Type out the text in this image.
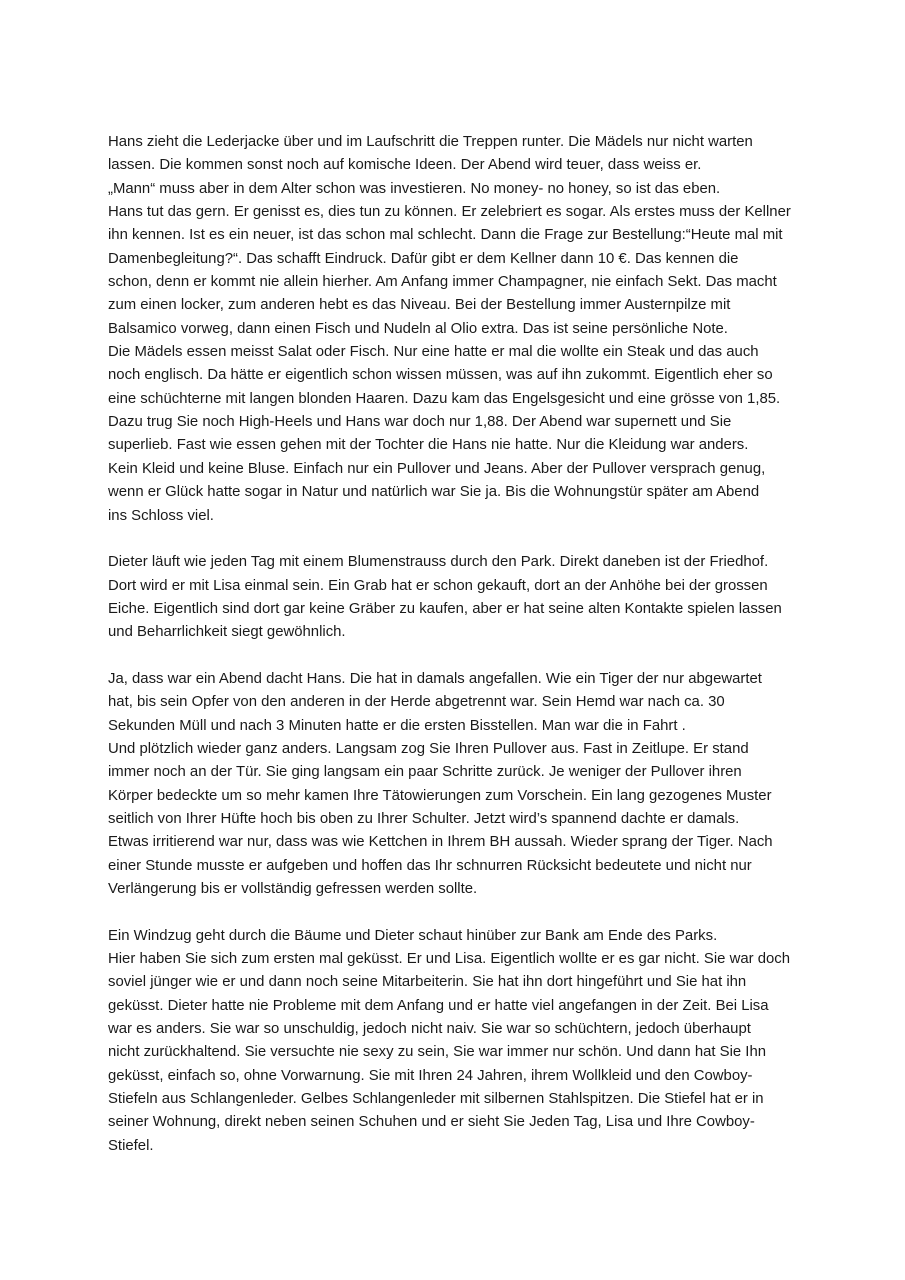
Hans zieht die Lederjacke über und im Laufschritt die Treppen runter. Die Mädels nur nicht warten
lassen. Die kommen sonst noch auf komische Ideen. Der Abend wird teuer, dass weiss er.
„Mann“ muss aber in dem Alter schon was investieren. No money- no honey, so ist das eben.
Hans tut das gern. Er genisst es, dies tun zu können. Er zelebriert es sogar. Als erstes muss der Kellner
ihn kennen. Ist es ein neuer, ist das schon mal schlecht. Dann die Frage zur Bestellung:“Heute mal mit
Damenbegleitung?“. Das schafft Eindruck. Dafür gibt er dem Kellner dann 10 €. Das kennen die
schon, denn er kommt nie allein hierher. Am Anfang immer Champagner, nie einfach Sekt. Das macht
zum einen locker, zum anderen hebt es das Niveau. Bei der Bestellung immer Austernpilze mit
Balsamico vorweg, dann einen Fisch und Nudeln al Olio extra. Das ist seine persönliche Note.
Die Mädels essen meisst Salat oder Fisch. Nur eine hatte er mal die wollte ein Steak und das auch
noch englisch. Da hätte er eigentlich schon wissen müssen, was auf ihn zukommt. Eigentlich eher so
eine schüchterne mit langen blonden Haaren. Dazu kam das Engelsgesicht und eine grösse von 1,85.
Dazu trug Sie noch High-Heels und Hans war doch nur 1,88. Der Abend war supernett und Sie
superlieb. Fast wie essen gehen mit der Tochter die Hans nie hatte. Nur die Kleidung war anders.
Kein Kleid und keine Bluse. Einfach nur ein Pullover und Jeans. Aber der Pullover versprach genug,
wenn er Glück hatte sogar in Natur und natürlich war Sie ja. Bis die Wohnungstür später am Abend
ins Schloss viel.
Dieter läuft wie jeden Tag mit einem Blumenstrauss durch den Park. Direkt daneben ist der Friedhof.
Dort wird er mit Lisa einmal sein. Ein Grab hat er schon gekauft, dort an der Anhöhe bei der grossen
Eiche. Eigentlich sind dort gar keine Gräber zu kaufen, aber er hat seine alten Kontakte spielen lassen
und Beharrlichkeit siegt gewöhnlich.
Ja, dass war ein Abend dacht Hans. Die hat in damals angefallen. Wie ein Tiger der nur abgewartet
hat, bis sein Opfer von den anderen in der Herde abgetrennt war. Sein Hemd war nach ca. 30
Sekunden Müll und nach 3 Minuten hatte er die ersten Bisstellen. Man war die in Fahrt .
Und plötzlich wieder ganz anders. Langsam zog Sie Ihren Pullover aus. Fast in Zeitlupe. Er stand
immer noch an der Tür. Sie ging langsam ein paar Schritte zurück. Je weniger der Pullover ihren
Körper bedeckte um so mehr kamen Ihre Tätowierungen zum Vorschein. Ein lang gezogenes Muster
seitlich von Ihrer Hüfte hoch bis oben zu Ihrer Schulter. Jetzt wird’s spannend dachte er damals.
Etwas irritierend war nur, dass was wie Kettchen in Ihrem BH aussah. Wieder sprang der Tiger. Nach
einer Stunde musste er aufgeben und hoffen das Ihr schnurren Rücksicht bedeutete und nicht nur
Verlängerung bis er vollständig gefressen werden sollte.
Ein Windzug geht durch die Bäume und Dieter schaut hinüber zur Bank am Ende des Parks.
Hier haben Sie sich zum ersten mal geküsst. Er und Lisa. Eigentlich wollte er es gar nicht. Sie war doch
soviel jünger wie er und dann noch seine Mitarbeiterin. Sie hat ihn dort hingeführt und Sie hat ihn
geküsst. Dieter hatte nie Probleme mit dem Anfang und er hatte viel angefangen in der Zeit. Bei Lisa
war es anders. Sie war so unschuldig, jedoch nicht naiv. Sie war so schüchtern, jedoch überhaupt
nicht zurückhaltend. Sie versuchte nie sexy zu sein, Sie war immer nur schön. Und dann hat Sie Ihn
geküsst, einfach so, ohne Vorwarnung. Sie mit Ihren 24 Jahren, ihrem Wollkleid und den Cowboy-
Stiefeln aus Schlangenleder. Gelbes Schlangenleder mit silbernen Stahlspitzen. Die Stiefel hat er in
seiner Wohnung, direkt neben seinen Schuhen und er sieht Sie Jeden Tag, Lisa und Ihre Cowboy-
Stiefel.
